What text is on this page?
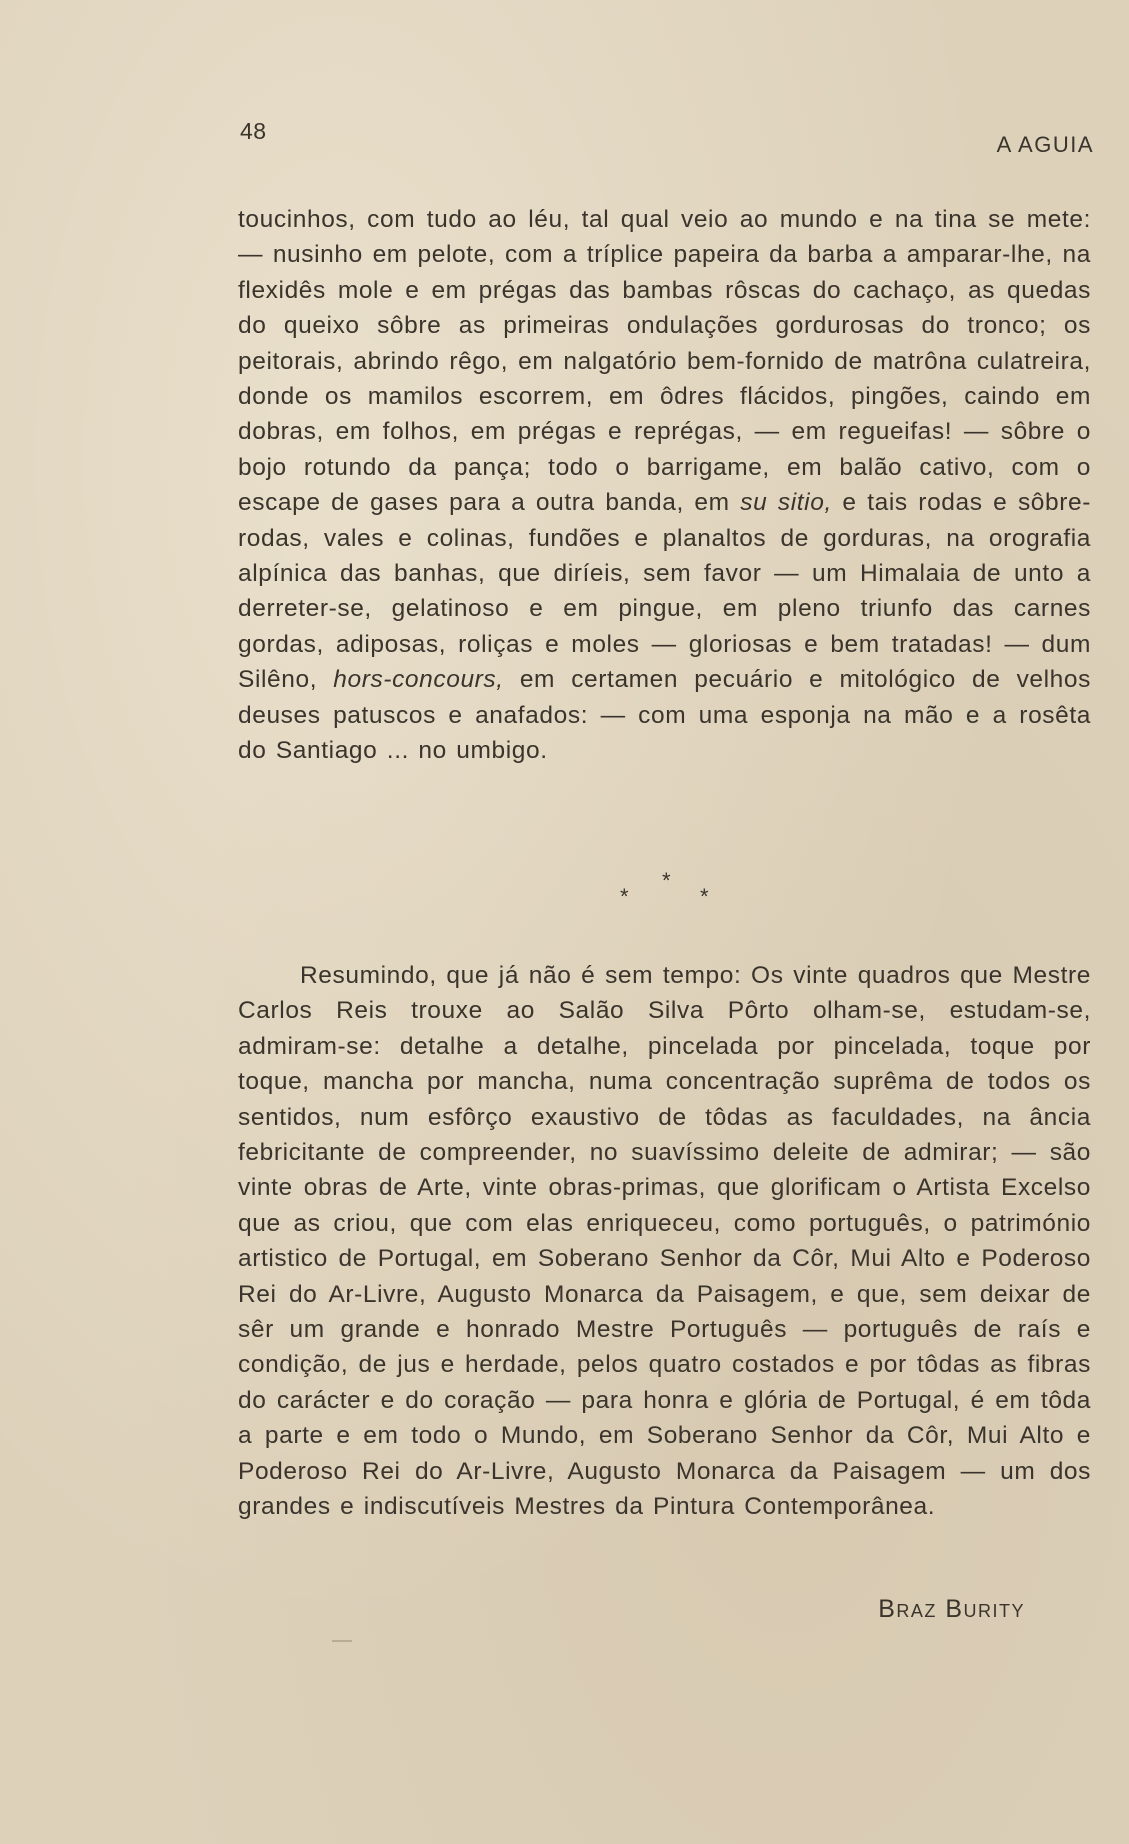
48
A AGUIA

toucinhos, com tudo ao léu, tal qual veio ao mundo e na tina se mete: — nusinho em pelote, com a tríplice papeira da barba a amparar-lhe, na flexidês mole e em prégas das bambas rôscas do cachaço, as quedas do queixo sôbre as primeiras ondulações gordurosas do tronco; os peitorais, abrindo rêgo, em nalgatório bem-fornido de matrôna culatreira, donde os mamilos escorrem, em ôdres flácidos, pingões, caindo em dobras, em folhos, em prégas e reprégas, — em regueifas! — sôbre o bojo rotundo da pança; todo o barrigame, em balão cativo, com o escape de gases para a outra banda, em su sitio, e tais rodas e sôbre-rodas, vales e colinas, fundões e planaltos de gorduras, na orografia alpínica das banhas, que diríeis, sem favor — um Himalaia de unto a derreter-se, gelatinoso e em pingue, em pleno triunfo das carnes gordas, adiposas, roliças e moles — gloriosas e bem tratadas! — dum Silêno, hors-concours, em certamen pecuário e mitológico de velhos deuses patuscos e anafados: — com uma esponja na mão e a rosêta do Santiago ... no umbigo.

*
*	*

Resumindo, que já não é sem tempo: Os vinte quadros que Mestre Carlos Reis trouxe ao Salão Silva Pôrto olham-se, estudam-se, admiram-se: detalhe a detalhe, pincelada por pincelada, toque por toque, mancha por mancha, numa concentração suprêma de todos os sentidos, num esfôrço exaustivo de tôdas as faculdades, na ância febricitante de compreender, no suavíssimo deleite de admirar; — são vinte obras de Arte, vinte obras-primas, que glorificam o Artista Excelso que as criou, que com elas enriqueceu, como português, o património artistico de Portugal, em Soberano Senhor da Côr, Mui Alto e Poderoso Rei do Ar-Livre, Augusto Monarca da Paisagem, e que, sem deixar de sêr um grande e honrado Mestre Português — português de raís e condição, de jus e herdade, pelos quatro costados e por tôdas as fibras do carácter e do coração — para honra e glória de Portugal, é em tôda a parte e em todo o Mundo, em Soberano Senhor da Côr, Mui Alto e Poderoso Rei do Ar-Livre, Augusto Monarca da Paisagem — um dos grandes e indiscutíveis Mestres da Pintura Contemporânea.

Braz Burity
